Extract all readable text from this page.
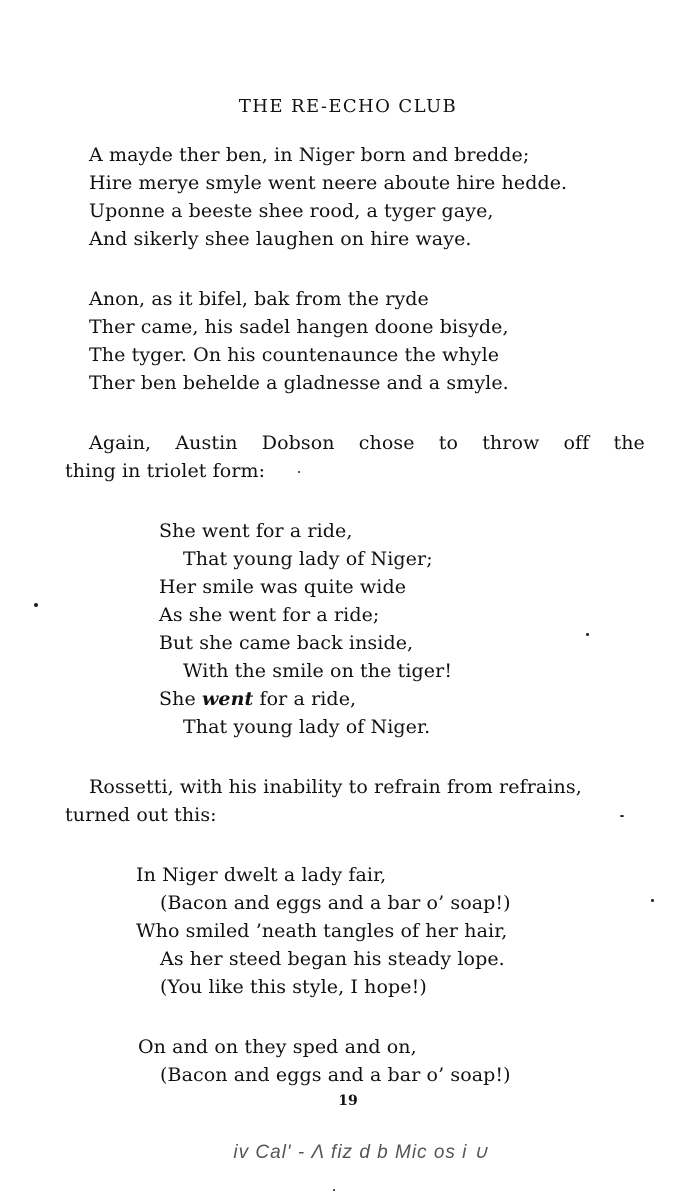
THE RE-ECHO CLUB
A mayde ther ben, in Niger born and bredde;
Hire merye smyle went neere aboute hire hedde.
Uponne a beeste shee rood, a tyger gaye,
And sikerly shee laughen on hire waye.
Anon, as it bifel, bak from the ryde
Ther came, his sadel hangen doone bisyde,
The tyger. On his countenaunce the whyle
Ther ben behelde a gladnesse and a smyle.
Again, Austin Dobson chose to throw off the
thing in triolet form:
She went for a ride,
That young lady of Niger;
Her smile was quite wide
As she went for a ride;
But she came back inside,
With the smile on the tiger!
She went for a ride,
That young lady of Niger.
Rossetti, with his inability to refrain from refrains,
turned out this:
In Niger dwelt a lady fair,
(Bacon and eggs and a bar o’ soap!)
Who smiled ’neath tangles of her hair,
As her steed began his steady lope.
(You like this style, I hope!)
On and on they sped and on,
(Bacon and eggs and a bar o’ soap!)
19
iv Cal' - Λ fiz d b Mic os i ∪
